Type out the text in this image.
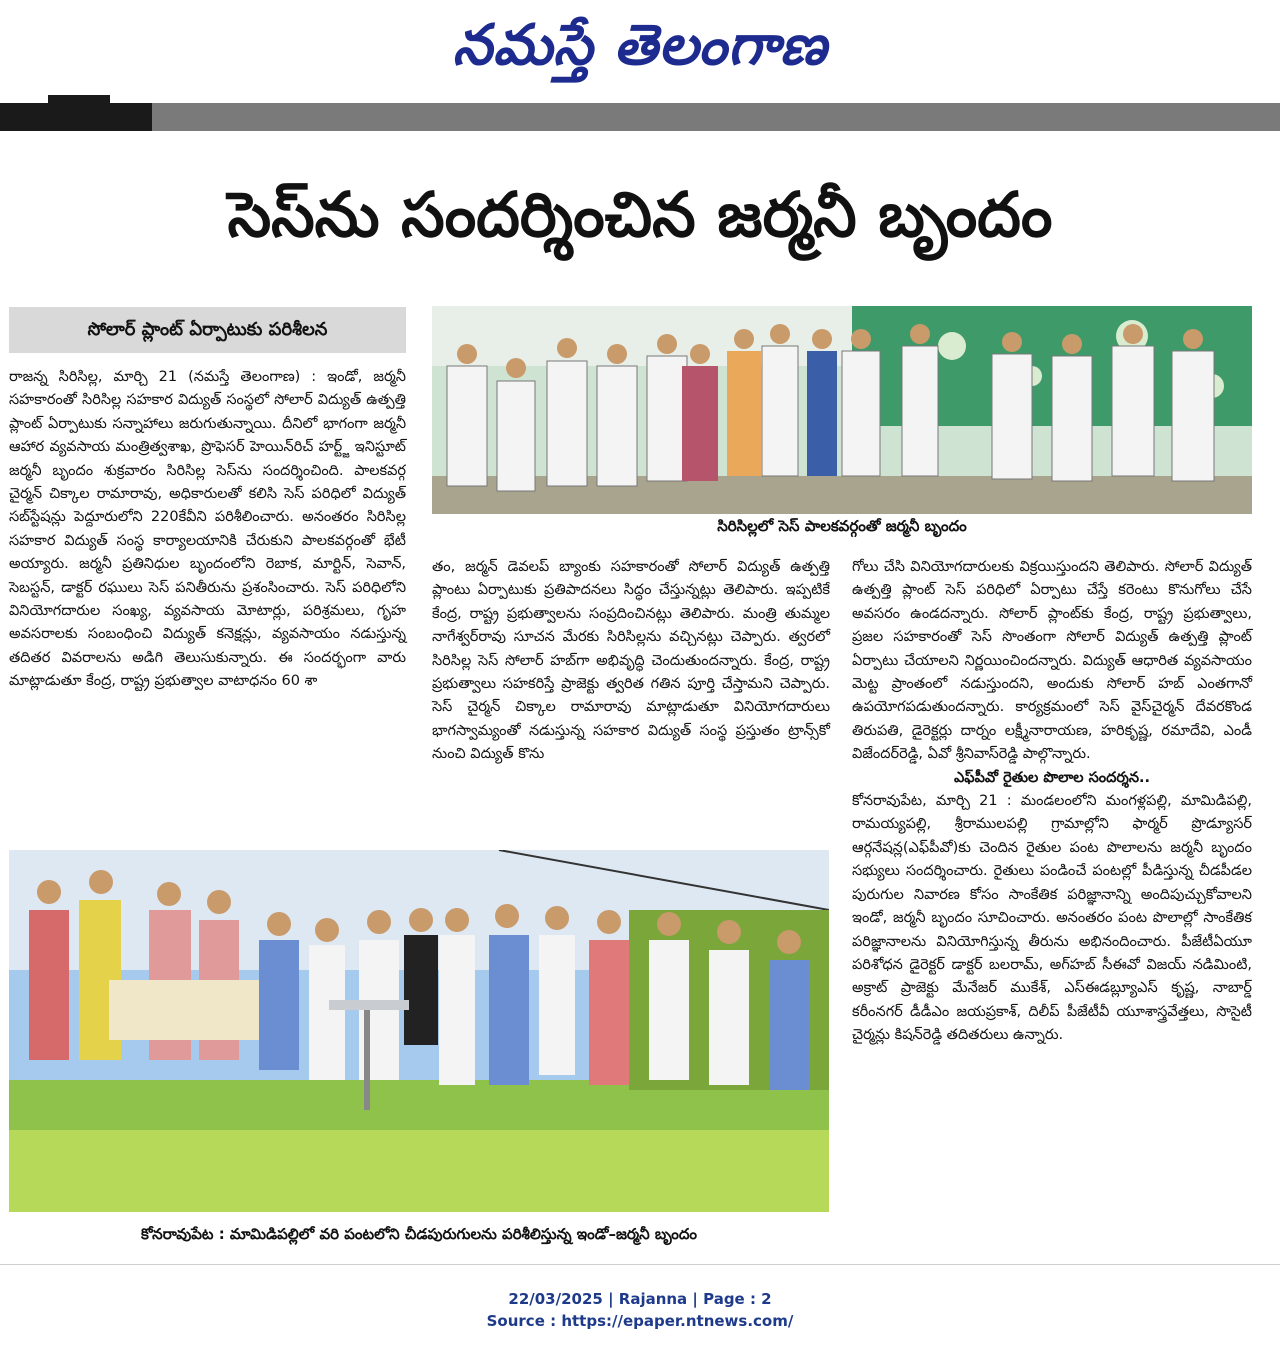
నమస్తే తెలంగాణ
సెస్‌ను సందర్శించిన జర్మనీ బృందం
సోలార్ ప్లాంట్ ఏర్పాటుకు పరిశీలన

రాజన్న సిరిసిల్ల, మార్చి 21 (నమస్తే తెలంగాణ) : ఇండో, జర్మనీ సహకారంతో సిరిసిల్ల సహకార విద్యుత్ సంస్థలో సోలార్ విద్యుత్ ఉత్పత్తి ప్లాంట్ ఏర్పాటుకు సన్నాహాలు జరుగుతున్నాయి. దీనిలో భాగంగా జర్మనీ ఆహార వ్యవసాయ మంత్రిత్వశాఖ, ప్రొఫెసర్ హెయిన్‌రిచ్ హర్ట్జ్ ఇనిస్టూట్ జర్మనీ బృందం శుక్రవారం సిరిసిల్ల సెస్‌ను సందర్శించింది. పాలకవర్గ చైర్మన్ చిక్కాల రామారావు, అధికారులతో కలిసి సెస్ పరిధిలో విద్యుత్ సబ్‌స్టేషన్లు పెద్దూరులోని 220కేవీని పరిశీలించారు. అనంతరం సిరిసిల్ల సహకార విద్యుత్ సంస్థ కార్యాలయానికి చేరుకుని పాలకవర్గంతో భేటీ అయ్యారు. జర్మనీ ప్రతినిధుల బృందంలోని రెబాక, మార్టిన్, సెవాన్, సెబస్టన్, డాక్టర్ రఘులు సెస్ పనితీరును ప్రశంసించారు. సెస్ పరిధిలోని వినియోగదారుల సంఖ్య, వ్యవసాయ మోటార్లు, పరిశ్రమలు, గృహ అవసరాలకు సంబంధించి విద్యుత్ కనెక్షన్లు, వ్యవసాయం నడుస్తున్న తదితర వివరాలను అడిగి తెలుసుకున్నారు. ఈ సందర్భంగా వారు మాట్లాడుతూ కేంద్ర, రాష్ట్ర ప్రభుత్వాల వాటాధనం 60 శా

సిరిసిల్లలో సెస్ పాలకవర్గంతో జర్మనీ బృందం

తం, జర్మన్ డెవలప్ బ్యాంకు సహకారంతో సోలార్ విద్యుత్ ఉత్పత్తి ప్లాంటు ఏర్పాటుకు ప్రతిపాదనలు సిద్ధం చేస్తున్నట్లు తెలిపారు. ఇప్పటికే కేంద్ర, రాష్ట్ర ప్రభుత్వాలను సంప్రదించినట్లు తెలిపారు. మంత్రి తుమ్మల నాగేశ్వర్‌రావు సూచన మేరకు సిరిసిల్లను వచ్చినట్లు చెప్పారు. త్వరలో సిరిసిల్ల సెస్ సోలార్ హబ్‌గా అభివృద్ధి చెందుతుందన్నారు. కేంద్ర, రాష్ట్ర ప్రభుత్వాలు సహకరిస్తే ప్రాజెక్టు త్వరిత గతిన పూర్తి చేస్తామని చెప్పారు. సెస్ చైర్మన్ చిక్కాల రామారావు మాట్లాడుతూ వినియోగదారులు భాగస్వామ్యంతో నడుస్తున్న సహకార విద్యుత్ సంస్థ ప్రస్తుతం ట్రాన్స్‌కో నుంచి విద్యుత్ కొను

గోలు చేసి వినియోగదారులకు విక్రయిస్తుందని తెలిపారు. సోలార్ విద్యుత్ ఉత్పత్తి ప్లాంట్ సెస్ పరిధిలో ఏర్పాటు చేస్తే కరెంటు కొనుగోలు చేసే అవసరం ఉండదన్నారు. సోలార్ ప్లాంట్‌కు కేంద్ర, రాష్ట్ర ప్రభుత్వాలు, ప్రజల సహకారంతో సెస్ సొంతంగా సోలార్ విద్యుత్ ఉత్పత్తి ప్లాంట్ ఏర్పాటు చేయాలని నిర్ణయించిందన్నారు. విద్యుత్ ఆధారిత వ్యవసాయం మెట్ట ప్రాంతంలో నడుస్తుందని, అందుకు సోలార్ హబ్ ఎంతగానో ఉపయోగపడుతుందన్నారు. కార్యక్రమంలో సెస్ వైస్‌చైర్మన్ దేవరకొండ తిరుపతి, డైరెక్టర్లు దార్నం లక్ష్మీనారాయణ, హరికృష్ణ, రమాదేవి, ఎండీ విజేందర్‌రెడ్డి, ఏవో శ్రీనివాస్‌రెడ్డి పాల్గొన్నారు.

ఎఫ్‌పీవో రైతుల పొలాల సందర్శన..

కోనరావుపేట, మార్చి 21 : మండలంలోని మంగళ్లపల్లి, మామిడిపల్లి, రామయ్యపల్లి, శ్రీరాములపల్లి గ్రామాల్లోని ఫార్మర్ ప్రొడ్యూసర్ ఆర్గనేషన్ల(ఎఫ్‌పీవో)కు చెందిన రైతుల పంట పొలాలను జర్మనీ బృందం సభ్యులు సందర్శించారు. రైతులు పండించే పంటల్లో పీడిస్తున్న చీడపీడల పురుగుల నివారణ కోసం సాంకేతిక పరిజ్ఞానాన్ని అందిపుచ్చుకోవాలని ఇండో, జర్మనీ బృందం సూచించారు. అనంతరం పంట పొలాల్లో సాంకేతిక పరిజ్ఞానాలను వినియోగిస్తున్న తీరును అభినందించారు. పీజేటీఏయూ పరిశోధన డైరెక్టర్ డాక్టర్ బలరామ్, అగ్‌హబ్ సీఈవో విజయ్ నడిమింటి, అక్రాట్ ప్రాజెక్టు మేనేజర్ ముకేశ్, ఎస్‌ఈడబ్ల్యూఎస్ కృష్ణ, నాబార్డ్ కరీంనగర్ డీడీఎం జయప్రకాశ్, దిలీప్ పీజేటీవీ యూశాస్త్రవేత్తలు, సొసైటీ చైర్మన్లు కిషన్‌రెడ్డి తదితరులు ఉన్నారు.

కోనరావుపేట : మామిడిపల్లిలో వరి పంటలోని చీడపురుగులను పరిశీలిస్తున్న ఇండో–జర్మనీ బృందం
22/03/2025 | Rajanna | Page : 2
Source : https://epaper.ntnews.com/
